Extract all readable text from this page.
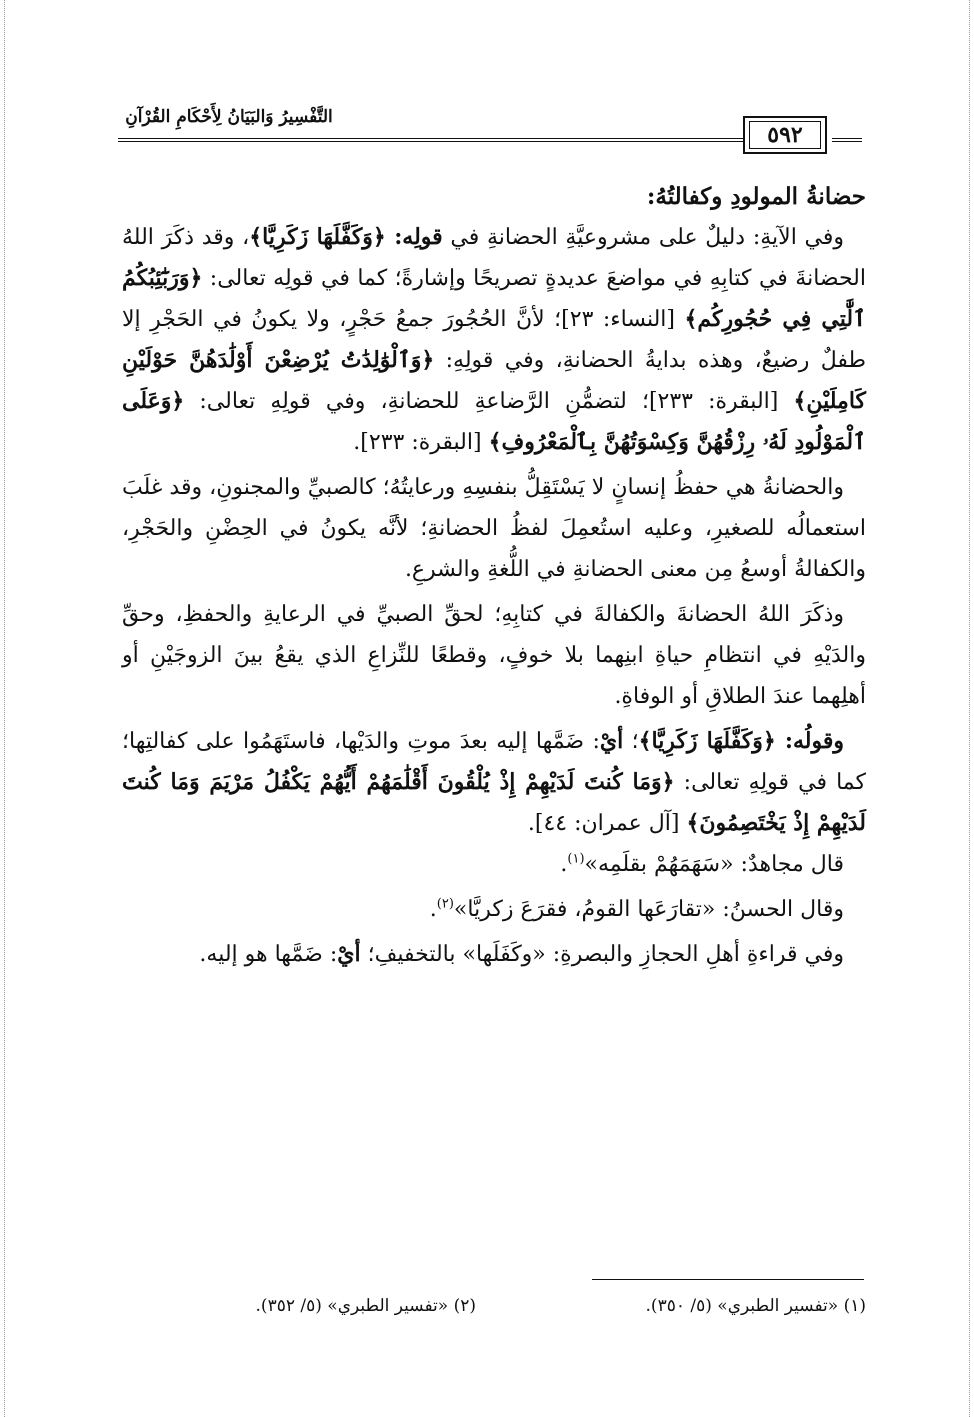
التَّفْسِيرُ وَالبَيَانُ لِأَحْكَامِ القُرْآنِ
٥٩٢

حضانةُ المولودِ وكفالتُهُ:

وفي الآيةِ: دليلٌ على مشروعيَّةِ الحضانةِ في قولِه: ﴿وَكَفَّلَهَا زَكَرِيَّا﴾، وقد ذكَرَ اللهُ الحضانةَ في كتابِهِ في مواضعَ عديدةٍ تصريحًا وإشارةً؛ كما في قولِه تعالى: ﴿وَرَبَٰٓئِبُكُمُ ٱلَّٰتِي فِي حُجُورِكُم﴾ [النساء: ٢٣]؛ لأنَّ الحُجُورَ جمعُ حَجْرٍ، ولا يكونُ في الحَجْرِ إلا طفلٌ رضيعٌ، وهذه بدايةُ الحضانةِ، وفي قولِهِ: ﴿وَٱلْوَٰلِدَٰتُ يُرْضِعْنَ أَوْلَٰدَهُنَّ حَوْلَيْنِ كَامِلَيْنِ﴾ [البقرة: ٢٣٣]؛ لتضمُّنِ الرَّضاعةِ للحضانةِ، وفي قولِهِ تعالى: ﴿وَعَلَى ٱلْمَوْلُودِ لَهُۥ رِزْقُهُنَّ وَكِسْوَتُهُنَّ بِٱلْمَعْرُوفِ﴾ [البقرة: ٢٣٣].

والحضانةُ هي حفظُ إنسانٍ لا يَسْتَقِلُّ بنفسِهِ ورعايتُهُ؛ كالصبيِّ والمجنونِ، وقد غلَبَ استعمالُه للصغيرِ، وعليه استُعمِلَ لفظُ الحضانةِ؛ لأنَّه يكونُ في الحِضْنِ والحَجْرِ، والكفالةُ أوسعُ مِن معنى الحضانةِ في اللُّغةِ والشرعِ.

وذكَرَ اللهُ الحضانةَ والكفالةَ في كتابِهِ؛ لحقِّ الصبيِّ في الرعايةِ والحفظِ، وحقِّ والدَيْهِ في انتظامِ حياةِ ابنِهما بلا خوفٍ، وقطعًا للنِّزاعِ الذي يقعُ بينَ الزوجَيْنِ أو أهلِهما عندَ الطلاقِ أو الوفاةِ.

وقولُه: ﴿وَكَفَّلَهَا زَكَرِيَّا﴾؛ أيْ: ضَمَّها إليه بعدَ موتِ والدَيْها، فاستَهَمُوا على كفالتِها؛ كما في قولِهِ تعالى: ﴿وَمَا كُنتَ لَدَيْهِمْ إِذْ يُلْقُونَ أَقْلَٰمَهُمْ أَيُّهُمْ يَكْفُلُ مَرْيَمَ وَمَا كُنتَ لَدَيْهِمْ إِذْ يَخْتَصِمُونَ﴾ [آل عمران: ٤٤].

قال مجاهدٌ: «سَهَمَهُمْ بقلَمِه»$^{(١)}$.

وقال الحسنُ: «تقارَعَها القومُ، فقرَعَ زكريَّا»$^{(٢)}$.

وفي قراءةِ أهلِ الحجازِ والبصرةِ: «وكَفَلَها» بالتخفيفِ؛ أيْ: ضَمَّها هو إليه.

(١) «تفسير الطبري» (٥/ ٣٥٠).
(٢) «تفسير الطبري» (٥/ ٣٥٢).
